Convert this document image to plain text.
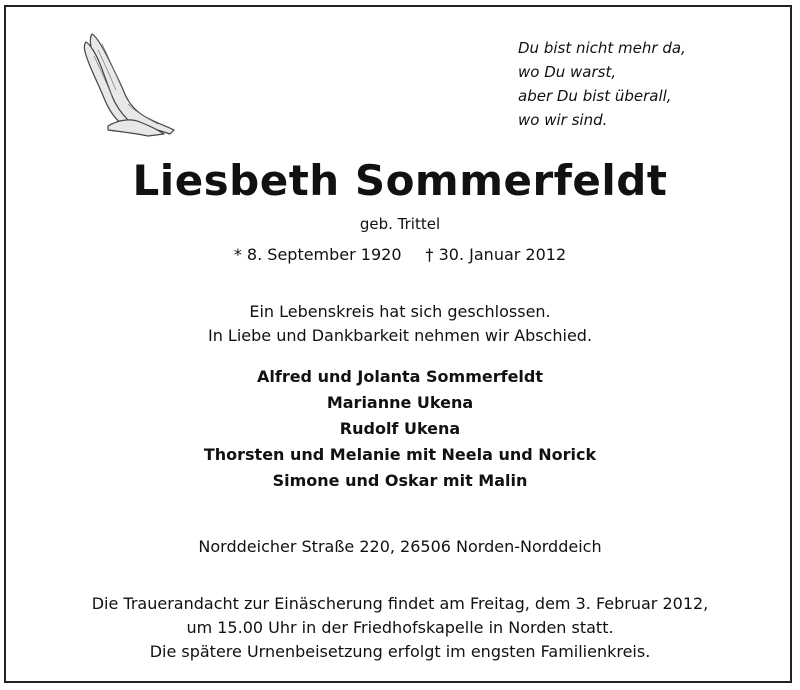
Du bist nicht mehr da,
wo Du warst,
aber Du bist überall,
wo wir sind.
Liesbeth Sommerfeldt
geb. Trittel
* 8. September 1920 † 30. Januar 2012
Ein Lebenskreis hat sich geschlossen.
In Liebe und Dankbarkeit nehmen wir Abschied.
Alfred und Jolanta Sommerfeldt
Marianne Ukena
Rudolf Ukena
Thorsten und Melanie mit Neela und Norick
Simone und Oskar mit Malin
Norddeicher Straße 220, 26506 Norden-Norddeich
Die Trauerandacht zur Einäscherung findet am Freitag, dem 3. Februar 2012,
um 15.00 Uhr in der Friedhofskapelle in Norden statt.
Die spätere Urnenbeisetzung erfolgt im engsten Familienkreis.
